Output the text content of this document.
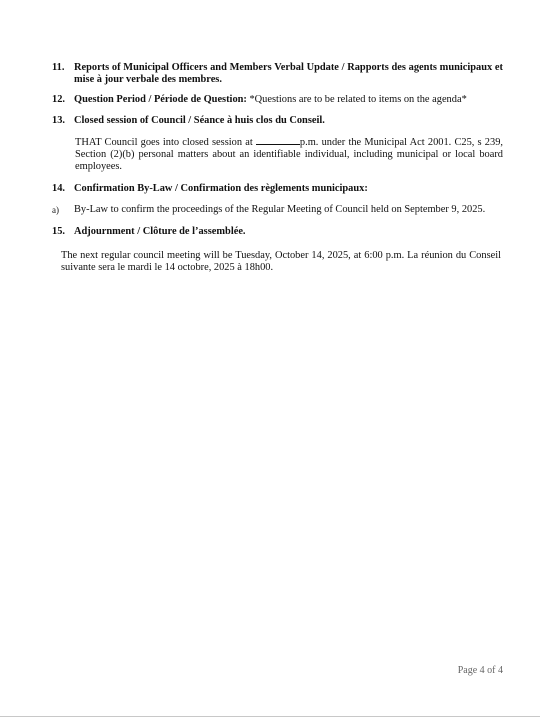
11. Reports of Municipal Officers and Members Verbal Update / Rapports des agents municipaux et mise à jour verbale des membres.
12. Question Period / Période de Question: *Questions are to be related to items on the agenda*
13. Closed session of Council / Séance à huis clos du Conseil.
THAT Council goes into closed session at	p.m. under the Municipal Act 2001. C25, s 239, Section (2)(b) personal matters about an identifiable individual, including municipal or local board employees.
14. Confirmation By-Law / Confirmation des règlements municipaux:
a)	By-Law to confirm the proceedings of the Regular Meeting of Council held on September 9, 2025.
15. Adjournment / Clôture de l’assemblée.
The next regular council meeting will be Tuesday, October 14, 2025, at 6:00 p.m. La réunion du Conseil suivante sera le mardi le 14 octobre, 2025 à 18h00.
Page 4 of 4
